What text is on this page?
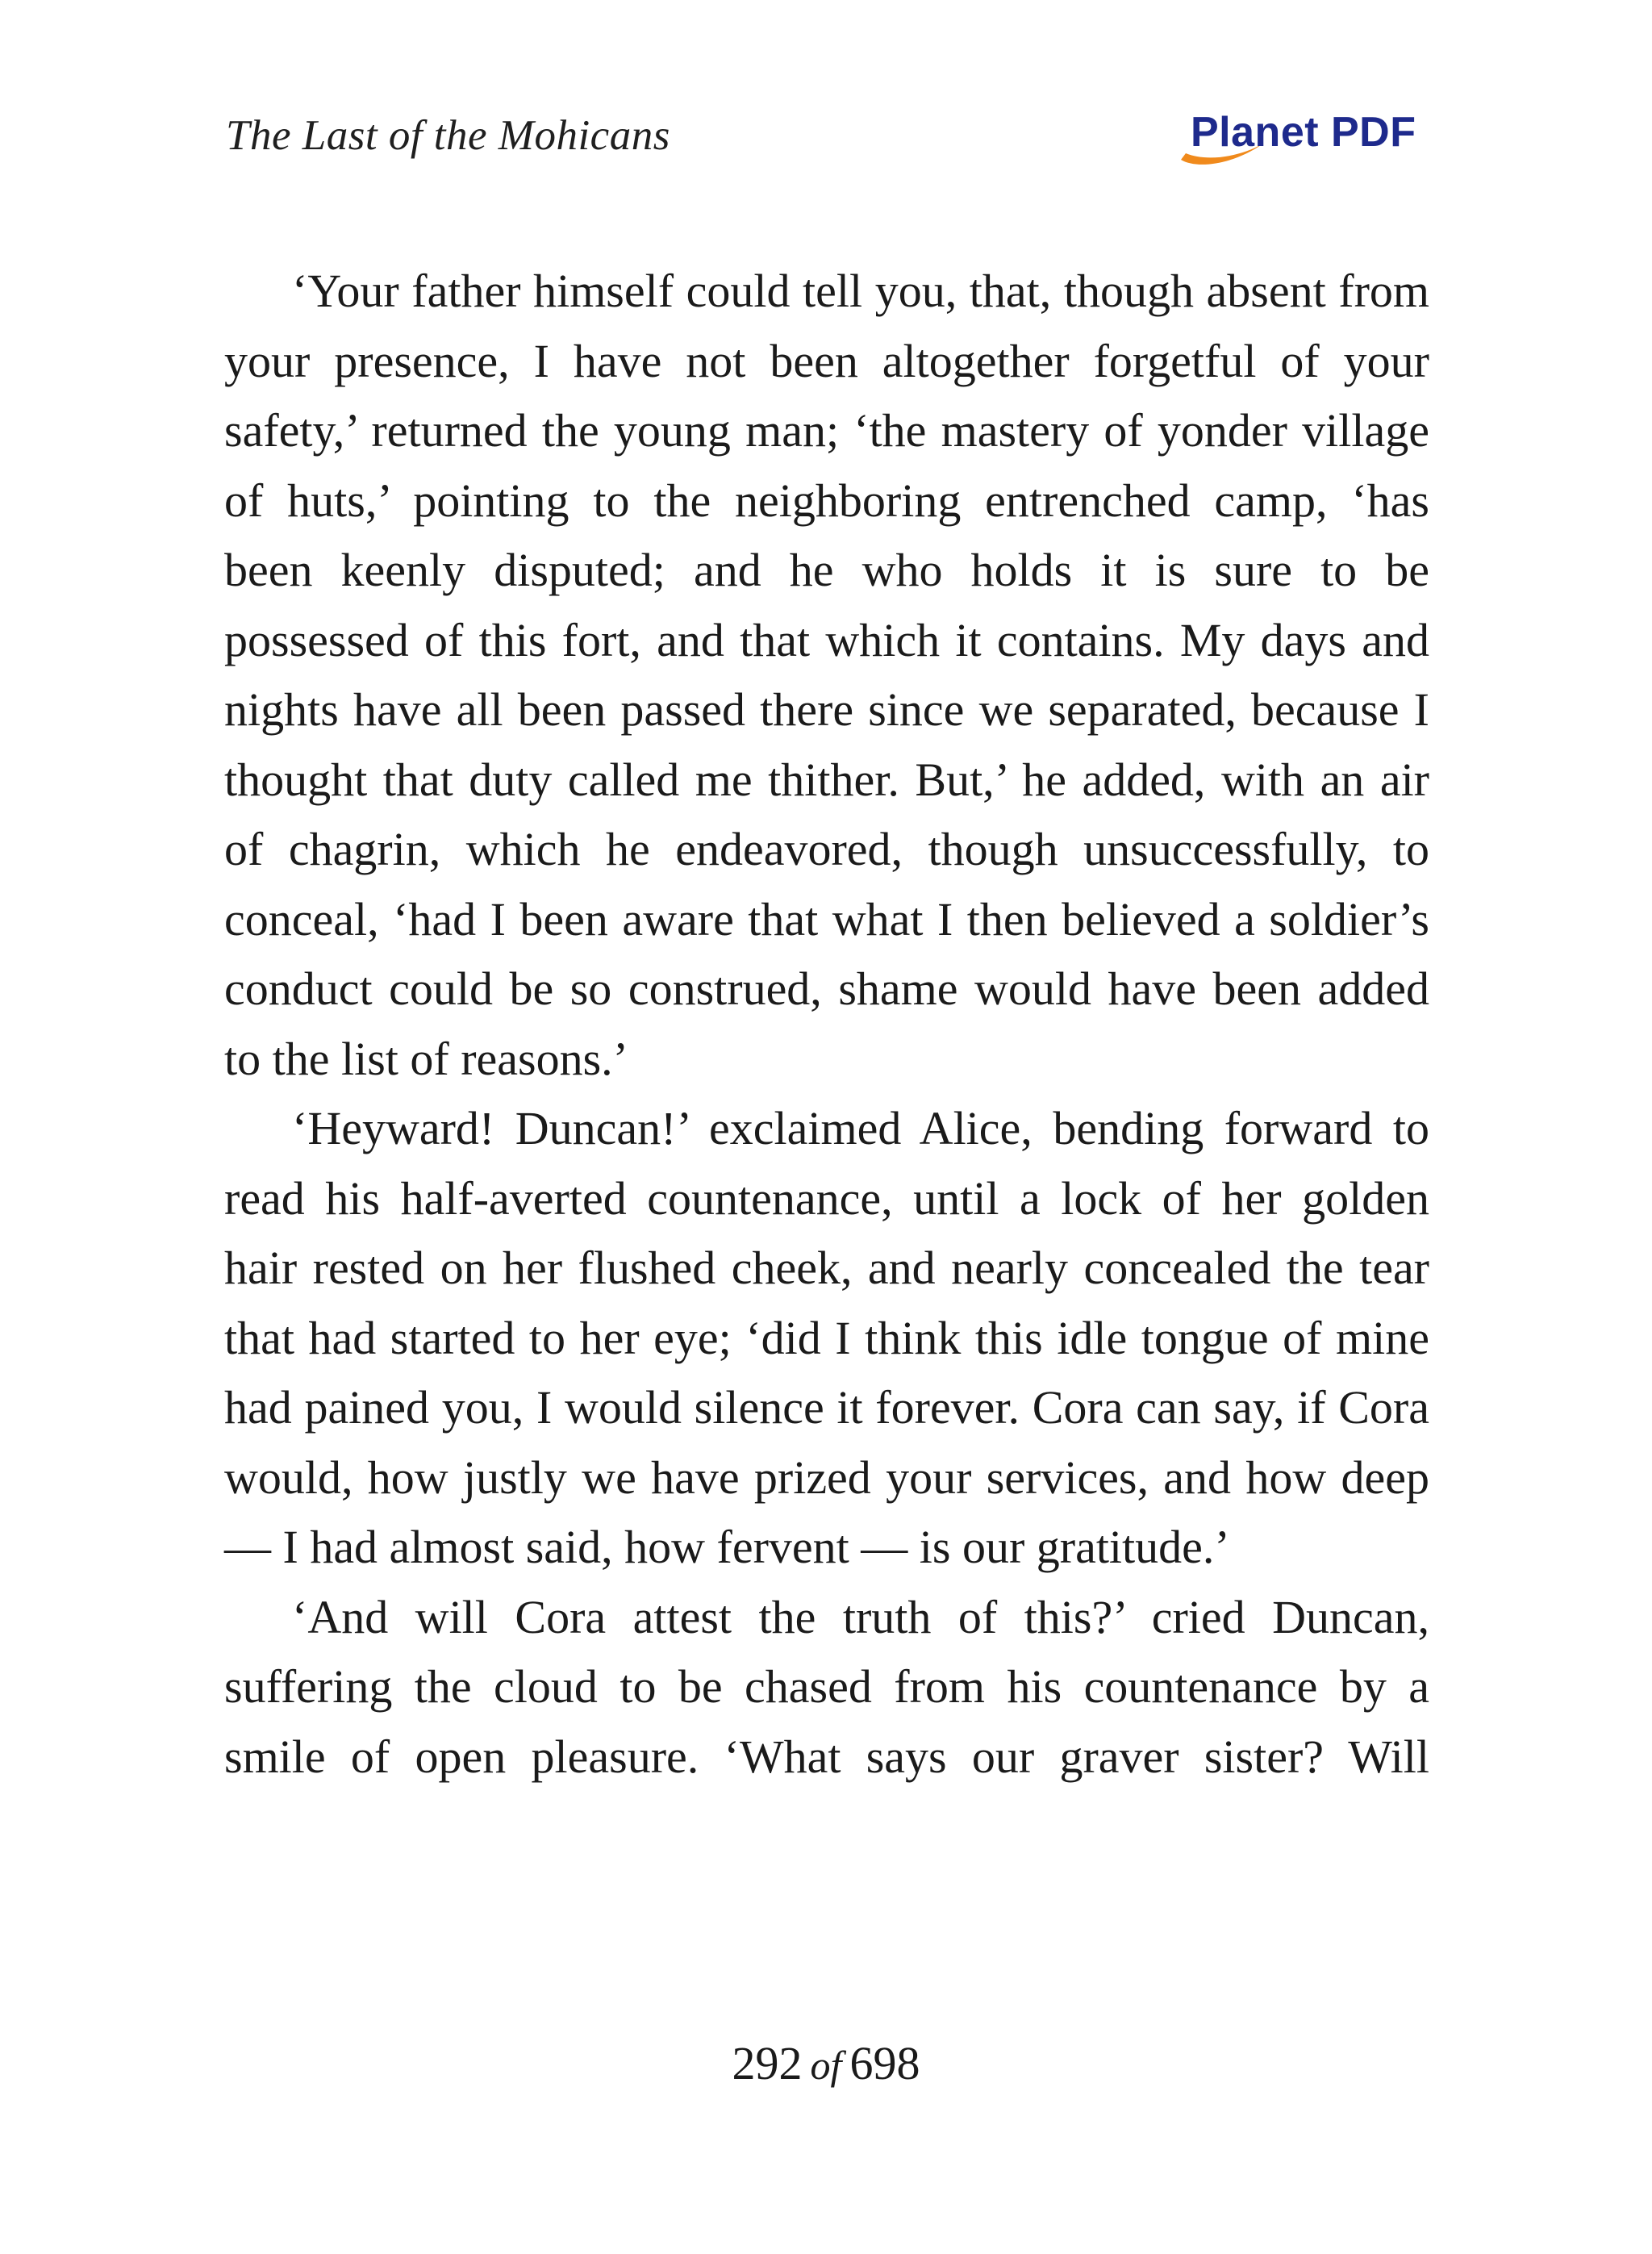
The Last of the Mohicans	Planet PDF

‘Your father himself could tell you, that, though absent from your presence, I have not been altogether forgetful of your safety,’ returned the young man; ‘the mastery of yonder village of huts,’ pointing to the neighboring entrenched camp, ‘has been keenly disputed; and he who holds it is sure to be possessed of this fort, and that which it contains. My days and nights have all been passed there since we separated, because I thought that duty called me thither. But,’ he added, with an air of chagrin, which he endeavored, though unsuccessfully, to conceal, ‘had I been aware that what I then believed a soldier’s conduct could be so construed, shame would have been added to the list of reasons.’

‘Heyward! Duncan!’ exclaimed Alice, bending forward to read his half-averted countenance, until a lock of her golden hair rested on her flushed cheek, and nearly concealed the tear that had started to her eye; ‘did I think this idle tongue of mine had pained you, I would silence it forever. Cora can say, if Cora would, how justly we have prized your services, and how deep — I had almost said, how fervent — is our gratitude.’

‘And will Cora attest the truth of this?’ cried Duncan, suffering the cloud to be chased from his countenance by a smile of open pleasure. ‘What says our graver sister? Will

292 of 698
